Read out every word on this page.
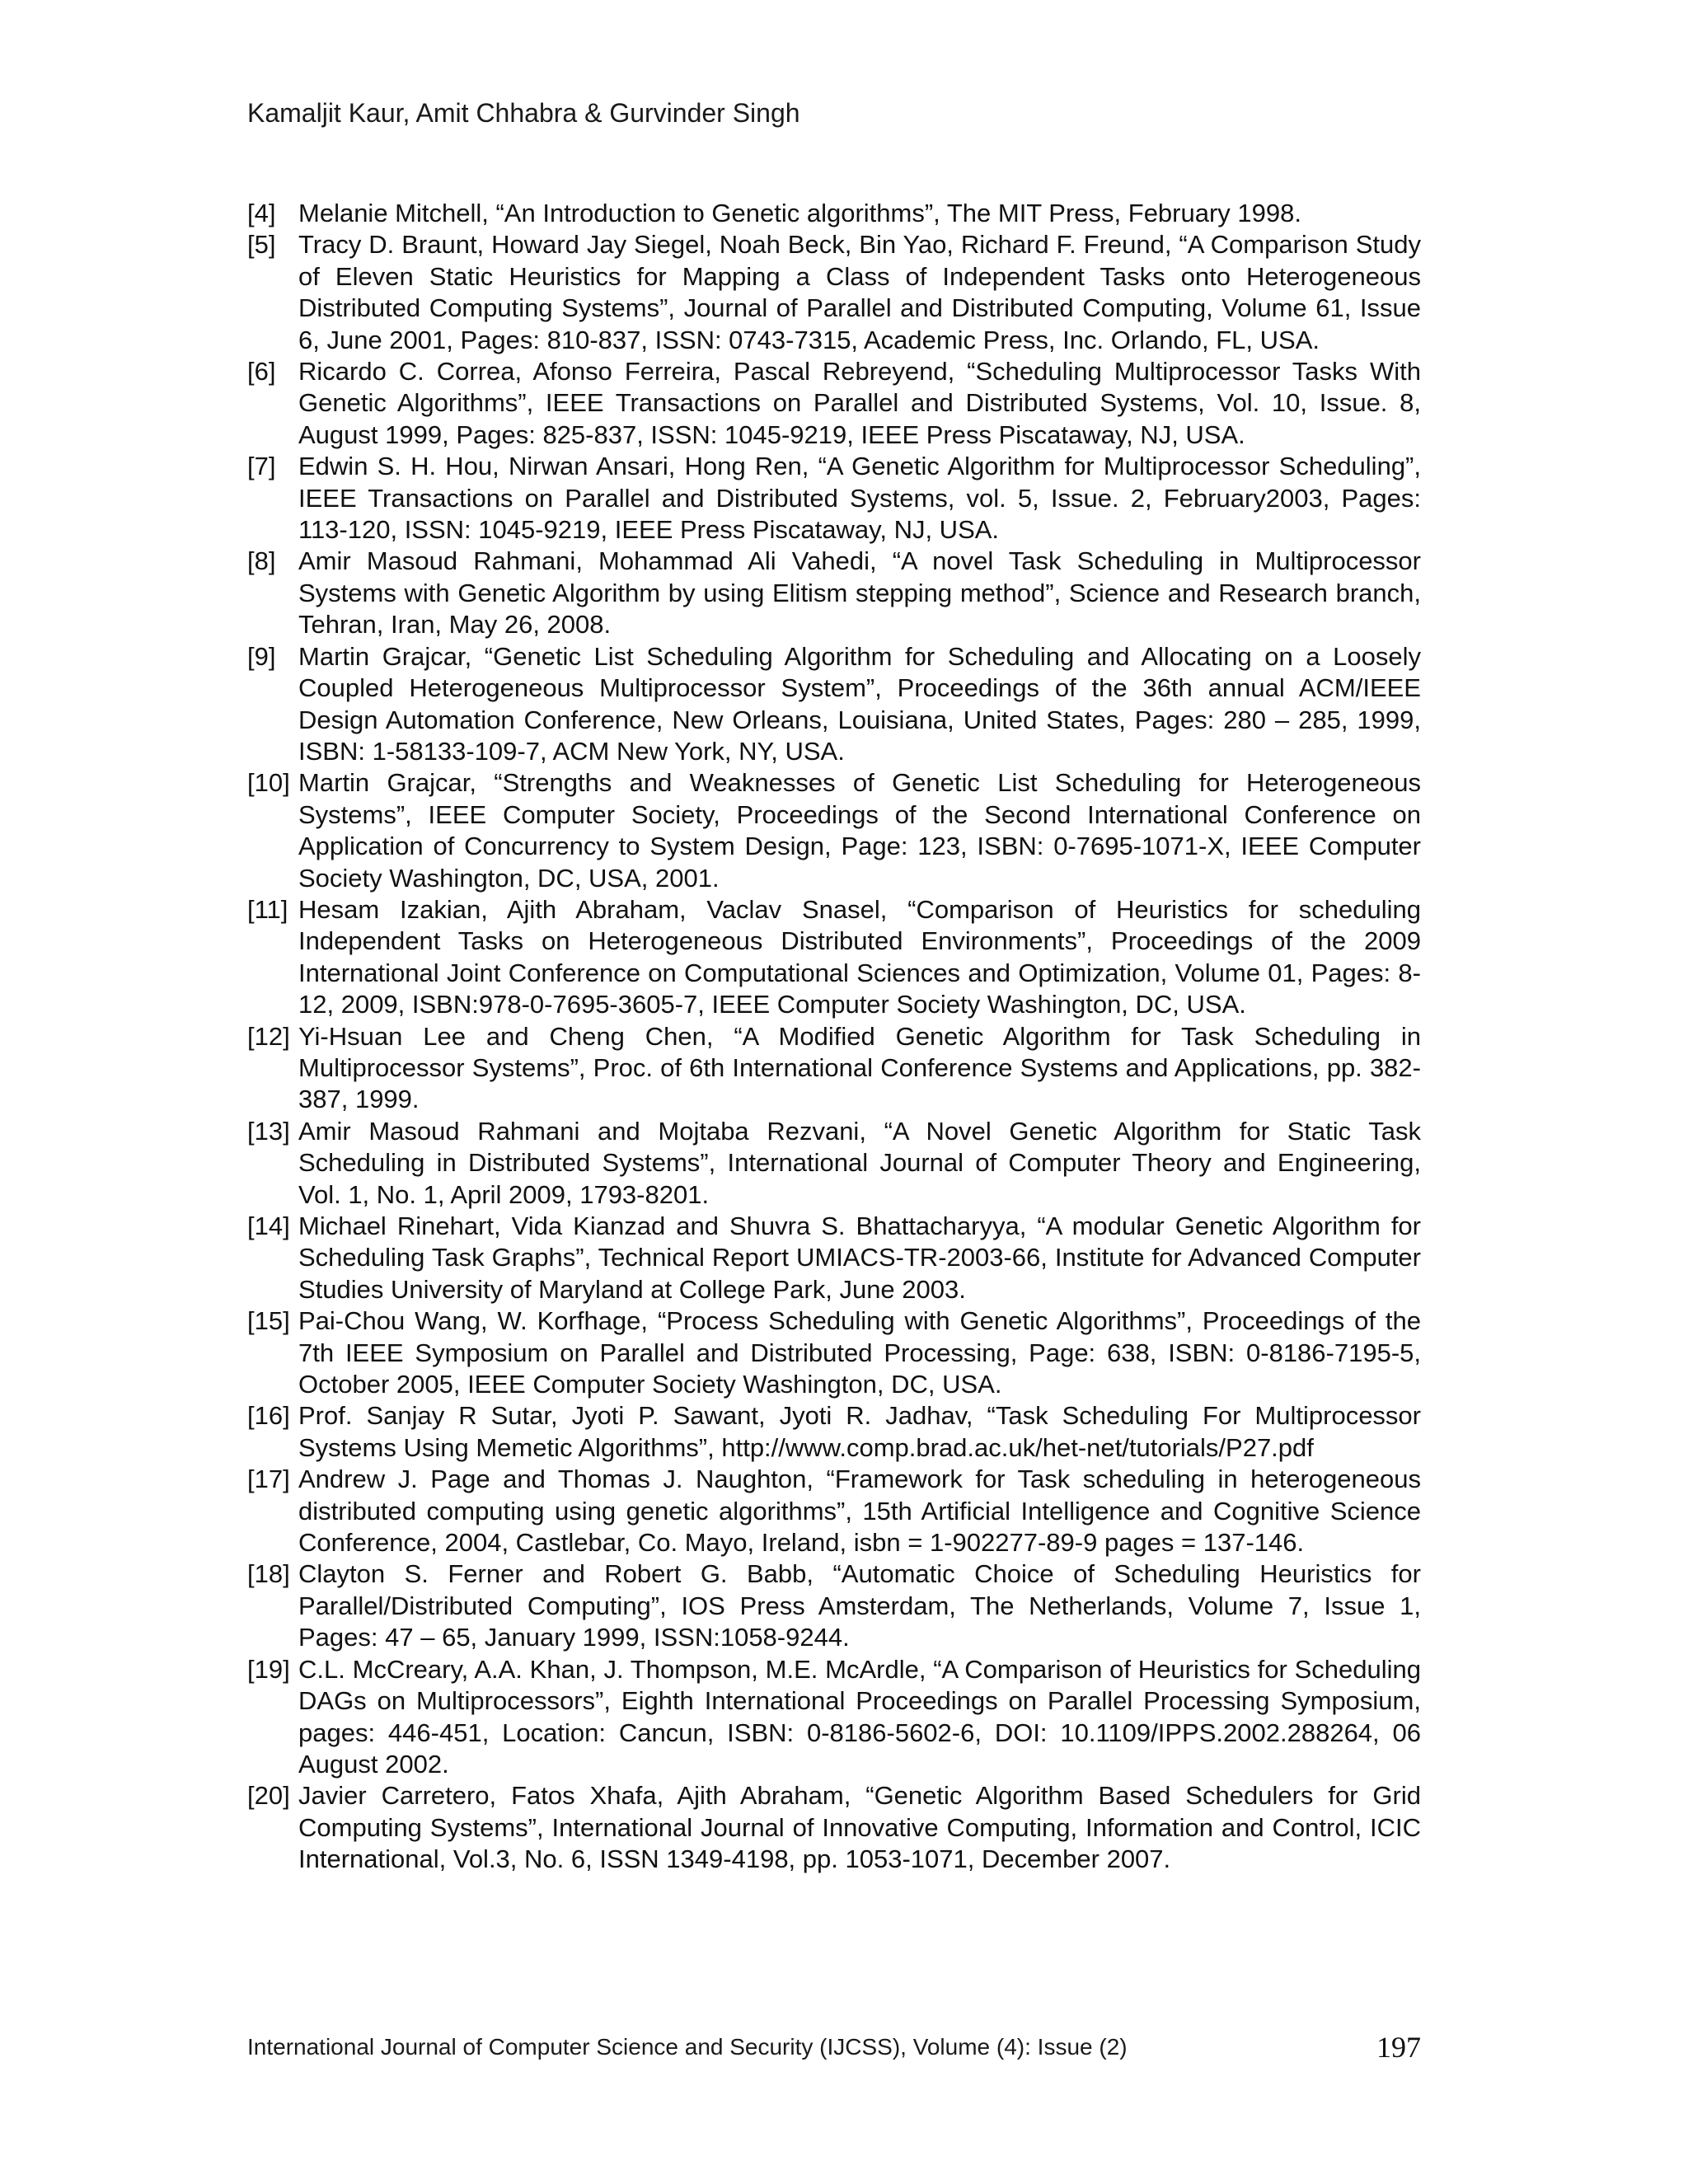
Kamaljit Kaur, Amit Chhabra & Gurvinder Singh
[4] Melanie Mitchell, “An Introduction to Genetic algorithms”, The MIT Press, February 1998.
[5] Tracy D. Braunt, Howard Jay Siegel, Noah Beck, Bin Yao, Richard F. Freund, “A Comparison Study of Eleven Static Heuristics for Mapping a Class of Independent Tasks onto Heterogeneous Distributed Computing Systems”, Journal of Parallel and Distributed Computing, Volume 61, Issue 6, June 2001, Pages: 810-837, ISSN: 0743-7315, Academic Press, Inc. Orlando, FL, USA.
[6] Ricardo C. Correa, Afonso Ferreira, Pascal Rebreyend, “Scheduling Multiprocessor Tasks With Genetic Algorithms”, IEEE Transactions on Parallel and Distributed Systems, Vol. 10, Issue. 8, August 1999, Pages: 825-837, ISSN: 1045-9219, IEEE Press Piscataway, NJ, USA.
[7] Edwin S. H. Hou, Nirwan Ansari, Hong Ren, “A Genetic Algorithm for Multiprocessor Scheduling”, IEEE Transactions on Parallel and Distributed Systems, vol. 5, Issue. 2, February2003, Pages: 113-120, ISSN: 1045-9219, IEEE Press Piscataway, NJ, USA.
[8] Amir Masoud Rahmani, Mohammad Ali Vahedi, “A novel Task Scheduling in Multiprocessor Systems with Genetic Algorithm by using Elitism stepping method”, Science and Research branch, Tehran, Iran, May 26, 2008.
[9] Martin Grajcar, “Genetic List Scheduling Algorithm for Scheduling and Allocating on a Loosely Coupled Heterogeneous Multiprocessor System”, Proceedings of the 36th annual ACM/IEEE Design Automation Conference, New Orleans, Louisiana, United States, Pages: 280 – 285, 1999, ISBN: 1-58133-109-7, ACM New York, NY, USA.
[10] Martin Grajcar, “Strengths and Weaknesses of Genetic List Scheduling for Heterogeneous Systems”, IEEE Computer Society, Proceedings of the Second International Conference on Application of Concurrency to System Design, Page: 123, ISBN: 0-7695-1071-X, IEEE Computer Society Washington, DC, USA, 2001.
[11] Hesam Izakian, Ajith Abraham, Vaclav Snasel, “Comparison of Heuristics for scheduling Independent Tasks on Heterogeneous Distributed Environments”, Proceedings of the 2009 International Joint Conference on Computational Sciences and Optimization, Volume 01, Pages: 8-12, 2009, ISBN:978-0-7695-3605-7, IEEE Computer Society Washington, DC, USA.
[12] Yi-Hsuan Lee and Cheng Chen, “A Modified Genetic Algorithm for Task Scheduling in Multiprocessor Systems”, Proc. of 6th International Conference Systems and Applications, pp. 382-387, 1999.
[13] Amir Masoud Rahmani and Mojtaba Rezvani, “A Novel Genetic Algorithm for Static Task Scheduling in Distributed Systems”, International Journal of Computer Theory and Engineering, Vol. 1, No. 1, April 2009, 1793-8201.
[14] Michael Rinehart, Vida Kianzad and Shuvra S. Bhattacharyya, “A modular Genetic Algorithm for Scheduling Task Graphs”, Technical Report UMIACS-TR-2003-66, Institute for Advanced Computer Studies University of Maryland at College Park, June 2003.
[15] Pai-Chou Wang, W. Korfhage, “Process Scheduling with Genetic Algorithms”, Proceedings of the 7th IEEE Symposium on Parallel and Distributed Processing, Page: 638, ISBN: 0-8186-7195-5, October 2005, IEEE Computer Society Washington, DC, USA.
[16] Prof. Sanjay R Sutar, Jyoti P. Sawant, Jyoti R. Jadhav, “Task Scheduling For Multiprocessor Systems Using Memetic Algorithms”, http://www.comp.brad.ac.uk/het-net/tutorials/P27.pdf
[17] Andrew J. Page and Thomas J. Naughton, “Framework for Task scheduling in heterogeneous distributed computing using genetic algorithms”, 15th Artificial Intelligence and Cognitive Science Conference, 2004, Castlebar, Co. Mayo, Ireland, isbn = 1-902277-89-9 pages = 137-146.
[18] Clayton S. Ferner and Robert G. Babb, “Automatic Choice of Scheduling Heuristics for Parallel/Distributed Computing”, IOS Press Amsterdam, The Netherlands, Volume 7, Issue 1, Pages: 47 – 65, January 1999, ISSN:1058-9244.
[19] C.L. McCreary, A.A. Khan, J. Thompson, M.E. McArdle, “A Comparison of Heuristics for Scheduling DAGs on Multiprocessors”, Eighth International Proceedings on Parallel Processing Symposium, pages: 446-451, Location: Cancun, ISBN: 0-8186-5602-6, DOI: 10.1109/IPPS.2002.288264, 06 August 2002.
[20] Javier Carretero, Fatos Xhafa, Ajith Abraham, “Genetic Algorithm Based Schedulers for Grid Computing Systems”, International Journal of Innovative Computing, Information and Control, ICIC International, Vol.3, No. 6, ISSN 1349-4198, pp. 1053-1071, December 2007.
International Journal of Computer Science and Security (IJCSS), Volume (4): Issue (2)	197
